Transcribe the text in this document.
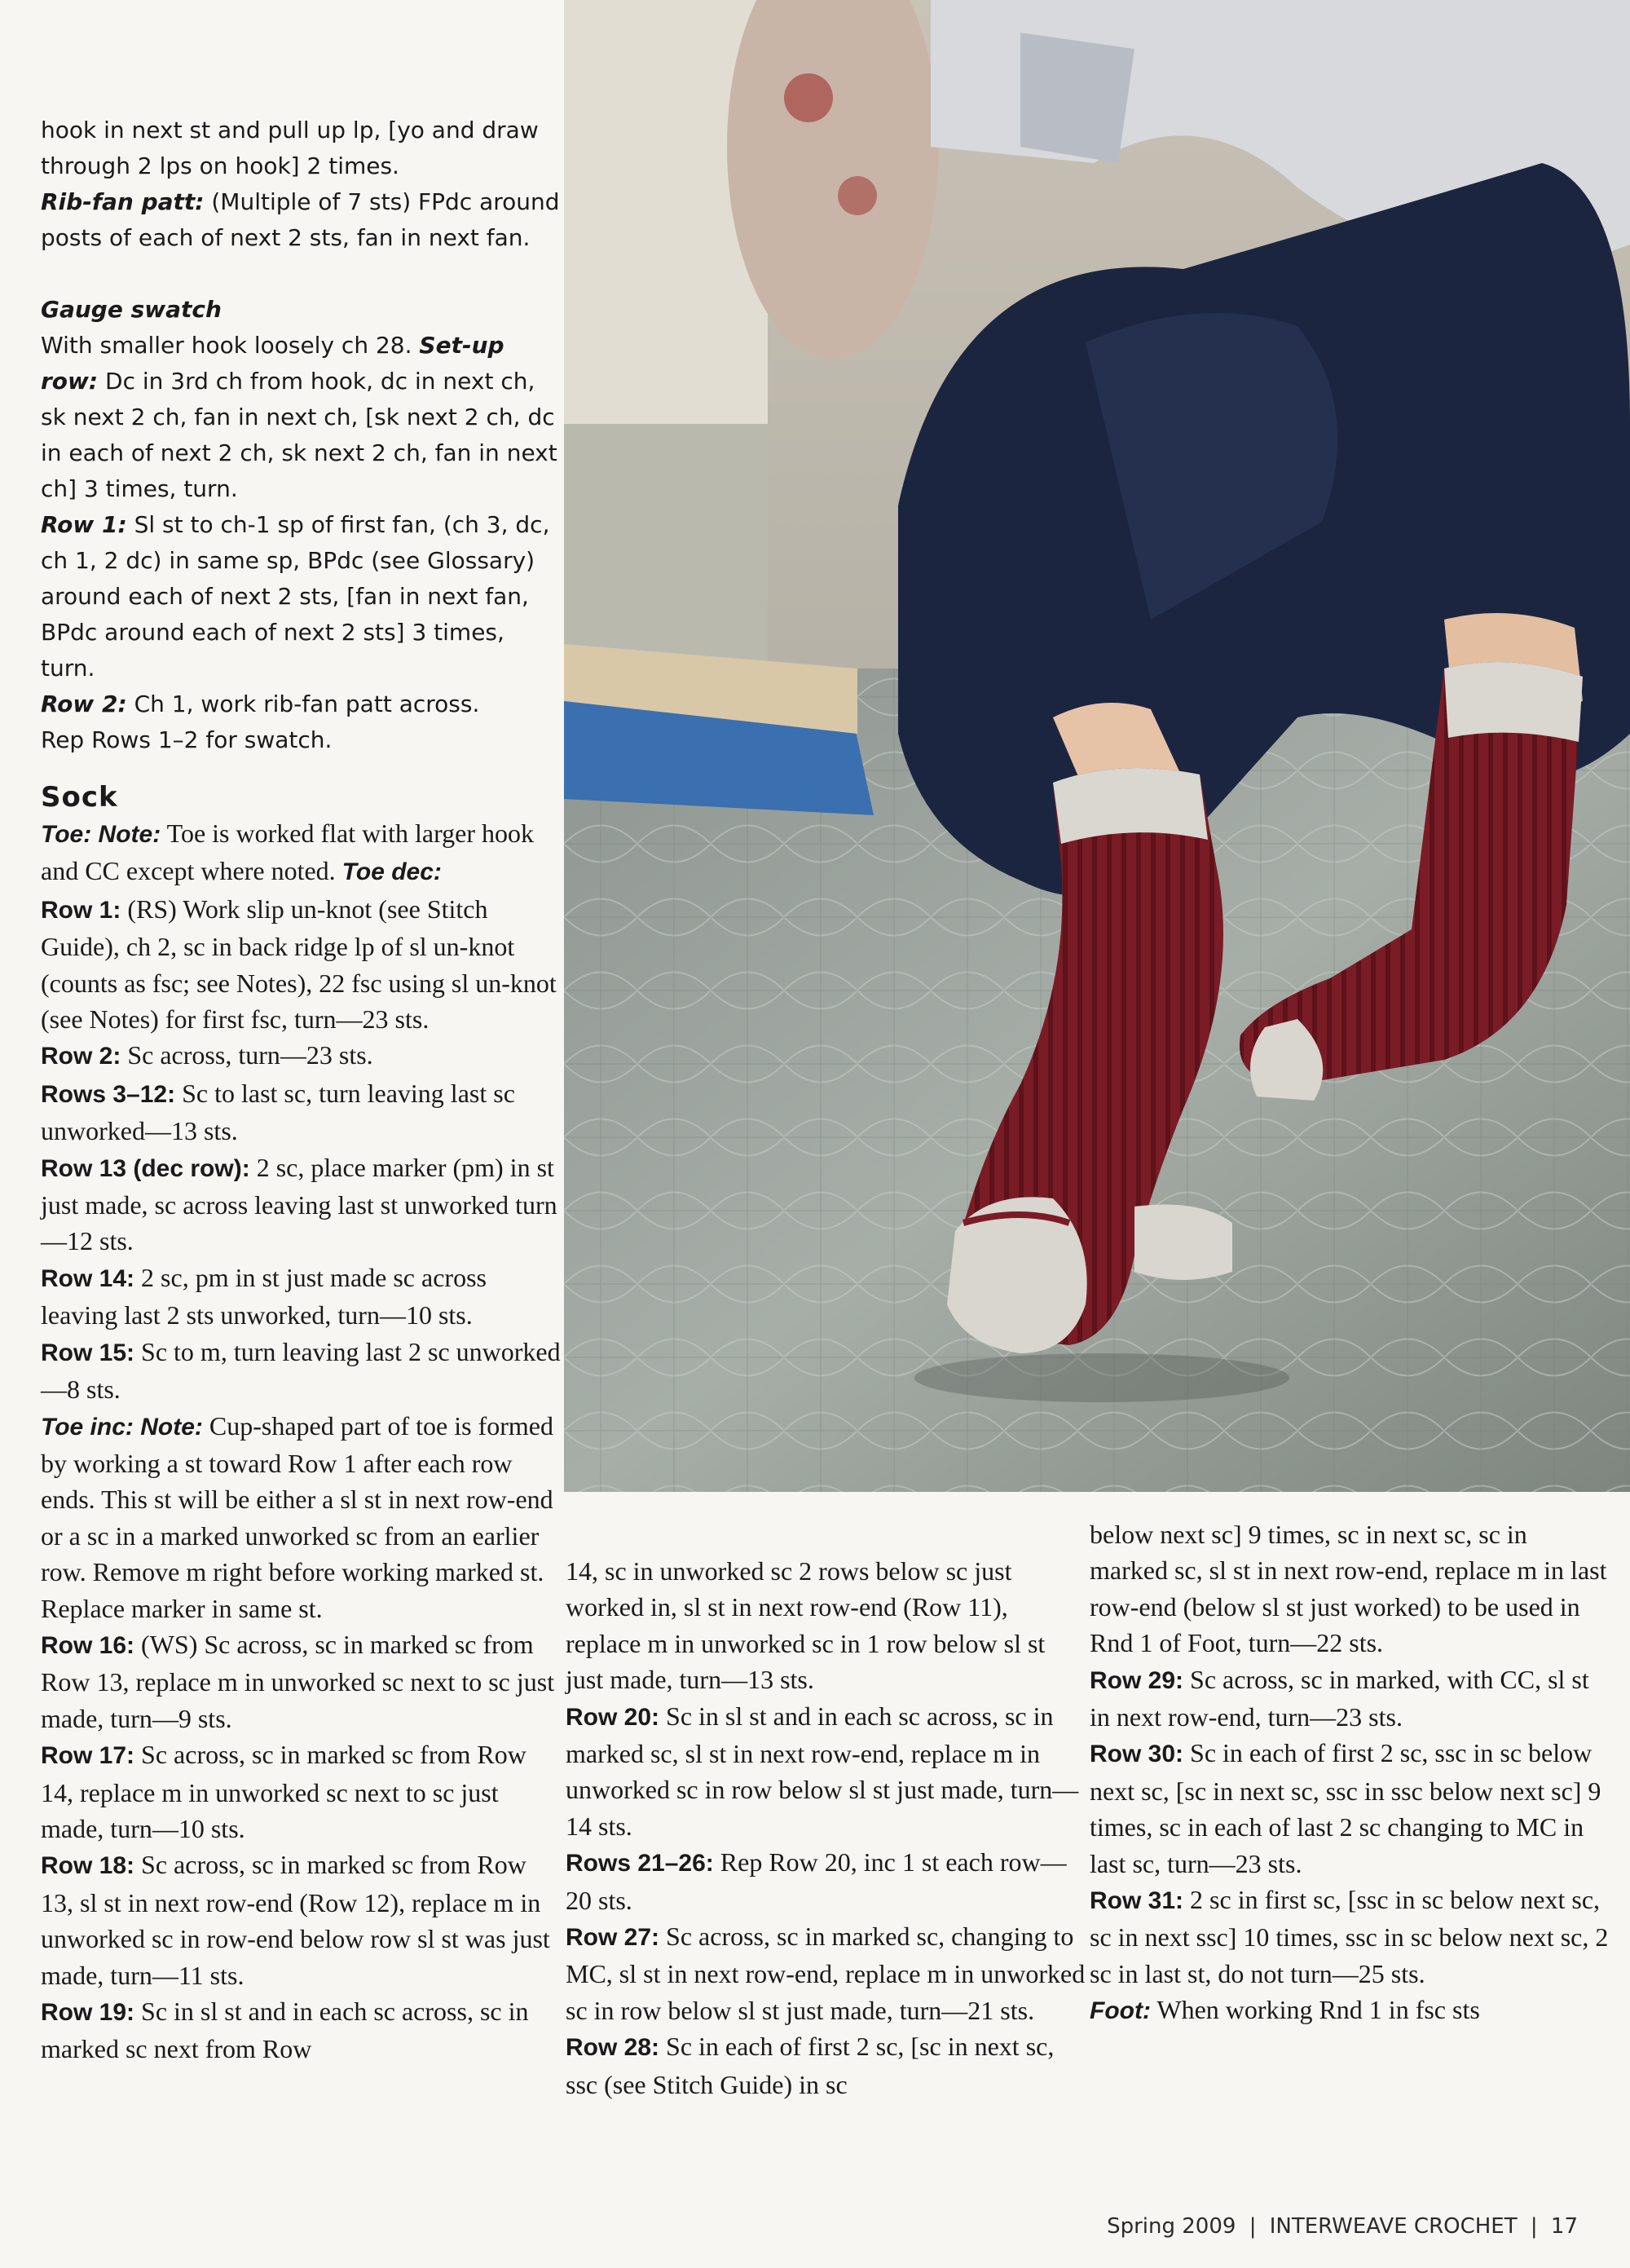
hook in next st and pull up lp, [yo and draw through 2 lps on hook] 2 times.

Rib-fan patt: (Multiple of 7 sts) FPdc around posts of each of next 2 sts, fan in next fan.

Gauge swatch

With smaller hook loosely ch 28. Set-up row: Dc in 3rd ch from hook, dc in next ch, sk next 2 ch, fan in next ch, [sk next 2 ch, dc in each of next 2 ch, sk next 2 ch, fan in next ch] 3 times, turn.

Row 1: Sl st to ch-1 sp of first fan, (ch 3, dc, ch 1, 2 dc) in same sp, BPdc (see Glossary) around each of next 2 sts, [fan in next fan, BPdc around each of next 2 sts] 3 times, turn.

Row 2: Ch 1, work rib-fan patt across.

Rep Rows 1–2 for swatch.

Sock

Toe: Note: Toe is worked flat with larger hook and CC except where noted. Toe dec:

Row 1: (RS) Work slip un-knot (see Stitch Guide), ch 2, sc in back ridge lp of sl un-knot (counts as fsc; see Notes), 22 fsc using sl un-knot (see Notes) for first fsc, turn—23 sts.

Row 2: Sc across, turn—23 sts.

Rows 3–12: Sc to last sc, turn leaving last sc unworked—13 sts.

Row 13 (dec row): 2 sc, place marker (pm) in st just made, sc across leaving last st unworked turn—12 sts.

Row 14: 2 sc, pm in st just made sc across leaving last 2 sts unworked, turn—10 sts.

Row 15: Sc to m, turn leaving last 2 sc unworked—8 sts.

Toe inc: Note: Cup-shaped part of toe is formed by working a st toward Row 1 after each row ends. This st will be either a sl st in next row-end or a sc in a marked unworked sc from an earlier row. Remove m right before working marked st. Replace marker in same st.

Row 16: (WS) Sc across, sc in marked sc from Row 13, replace m in unworked sc next to sc just made, turn—9 sts.

Row 17: Sc across, sc in marked sc from Row 14, replace m in unworked sc next to sc just made, turn—10 sts.

Row 18: Sc across, sc in marked sc from Row 13, sl st in next row-end (Row 12), replace m in unworked sc in row-end below row sl st was just made, turn—11 sts.

Row 19: Sc in sl st and in each sc across, sc in marked sc next from Row

14, sc in unworked sc 2 rows below sc just worked in, sl st in next row-end (Row 11), replace m in unworked sc in 1 row below sl st just made, turn—13 sts.

Row 20: Sc in sl st and in each sc across, sc in marked sc, sl st in next row-end, replace m in unworked sc in row below sl st just made, turn—14 sts.

Rows 21–26: Rep Row 20, inc 1 st each row—20 sts.

Row 27: Sc across, sc in marked sc, changing to MC, sl st in next row-end, replace m in unworked sc in row below sl st just made, turn—21 sts.

Row 28: Sc in each of first 2 sc, [sc in next sc, ssc (see Stitch Guide) in sc

below next sc] 9 times, sc in next sc, sc in marked sc, sl st in next row-end, replace m in last row-end (below sl st just worked) to be used in Rnd 1 of Foot, turn—22 sts.

Row 29: Sc across, sc in marked, with CC, sl st in next row-end, turn—23 sts.

Row 30: Sc in each of first 2 sc, ssc in sc below next sc, [sc in next sc, ssc in ssc below next sc] 9 times, sc in each of last 2 sc changing to MC in last sc, turn—23 sts.

Row 31: 2 sc in first sc, [ssc in sc below next sc, sc in next ssc] 10 times, ssc in sc below next sc, 2 sc in last st, do not turn—25 sts.

Foot: When working Rnd 1 in fsc sts

Spring 2009 | INTERWEAVE CROCHET | 17
